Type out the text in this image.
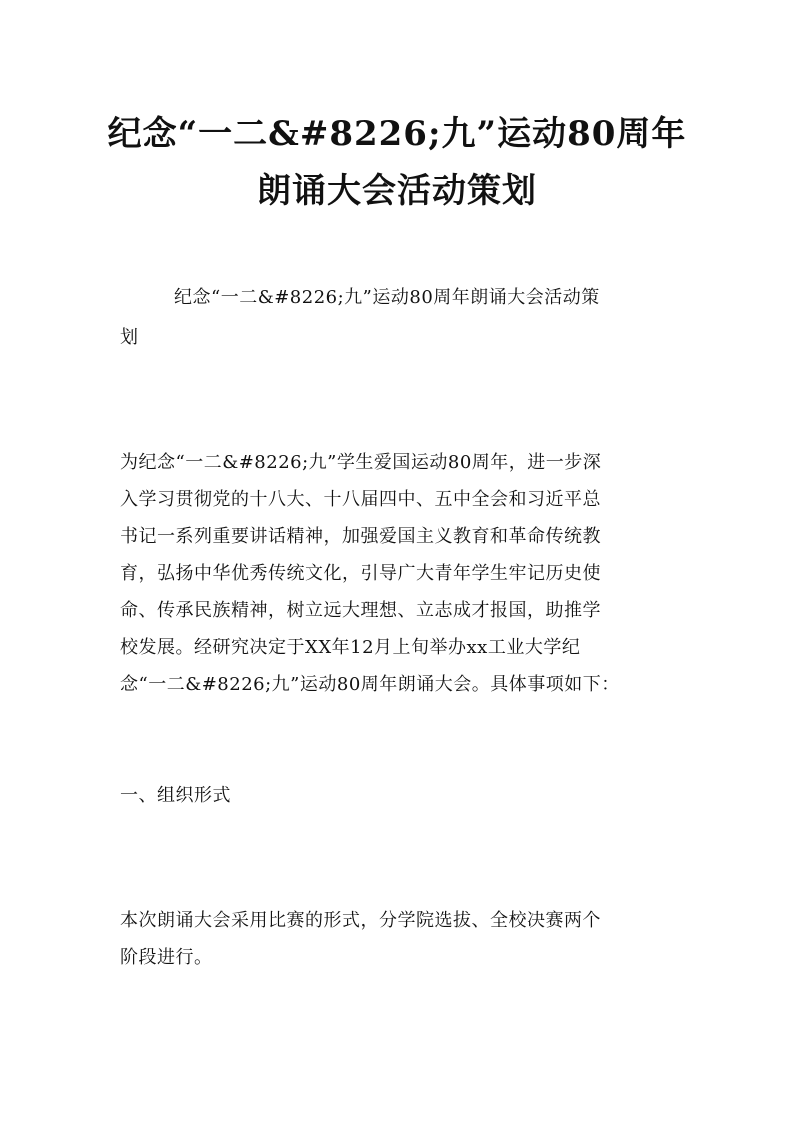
纪念“一二&#8226;九”运动80周年
朗诵大会活动策划
纪念“一二&#8226;九”运动80周年朗诵大会活动策
划
为纪念“一二&#8226;九”学生爱国运动80周年，进一步深
入学习贯彻党的十八大、十八届四中、五中全会和习近平总
书记一系列重要讲话精神，加强爱国主义教育和革命传统教
育，弘扬中华优秀传统文化，引导广大青年学生牢记历史使
命、传承民族精神，树立远大理想、立志成才报国，助推学
校发展。经研究决定于XX年12月上旬举办xx工业大学纪
念“一二&#8226;九”运动80周年朗诵大会。具体事项如下：
一、组织形式
本次朗诵大会采用比赛的形式，分学院选拔、全校决赛两个
阶段进行。
